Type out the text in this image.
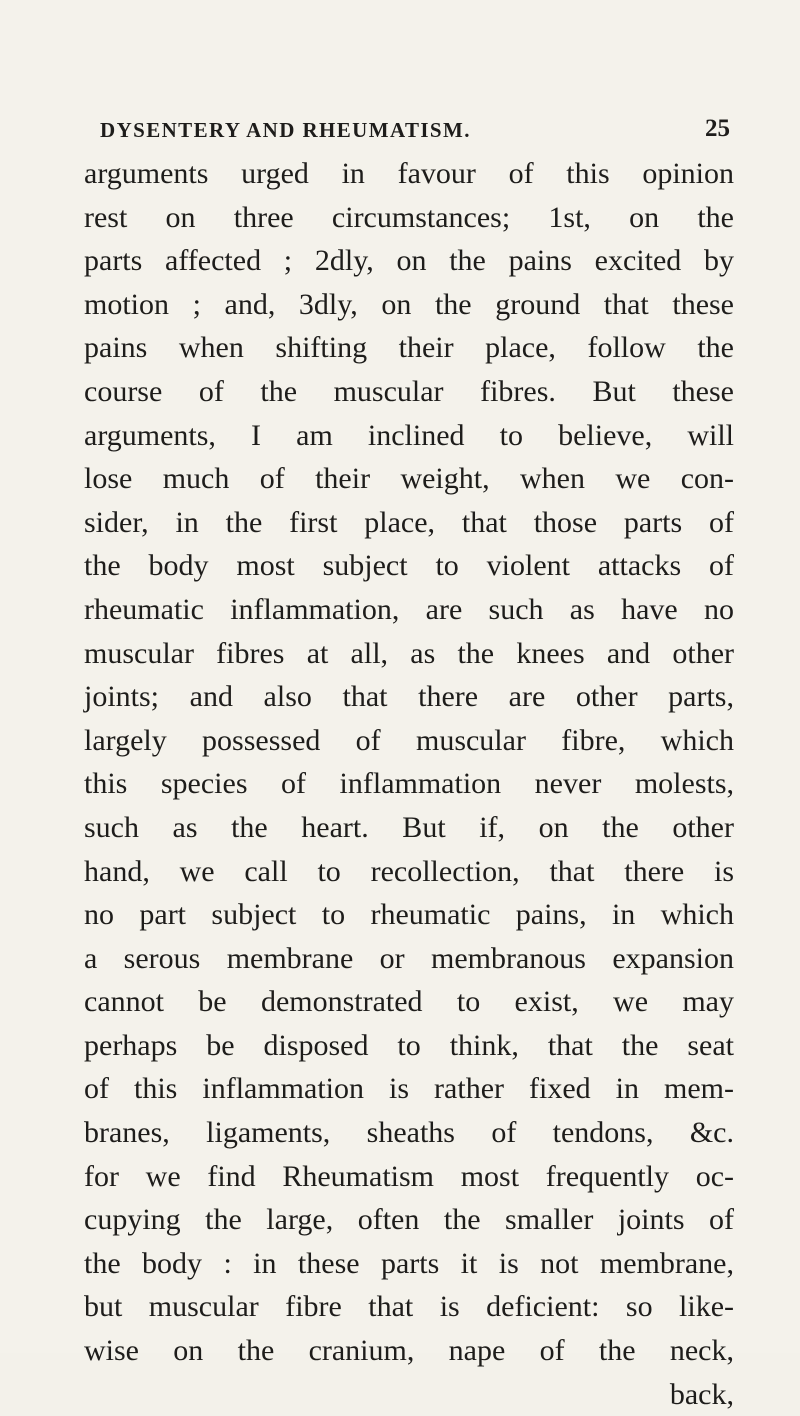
DYSENTERY AND RHEUMATISM.	25
arguments urged in favour of this opinion
rest on three circumstances; 1st, on the
parts affected ; 2dly, on the pains excited by
motion ; and, 3dly, on the ground that these
pains when shifting their place, follow the
course of the muscular fibres. But these
arguments, I am inclined to believe, will
lose much of their weight, when we con-
sider, in the first place, that those parts of
the body most subject to violent attacks of
rheumatic inflammation, are such as have no
muscular fibres at all, as the knees and other
joints; and also that there are other parts,
largely possessed of muscular fibre, which
this species of inflammation never molests,
such as the heart. But if, on the other
hand, we call to recollection, that there is
no part subject to rheumatic pains, in which
a serous membrane or membranous expansion
cannot be demonstrated to exist, we may
perhaps be disposed to think, that the seat
of this inflammation is rather fixed in mem-
branes, ligaments, sheaths of tendons, &c.
for we find Rheumatism most frequently oc-
cupying the large, often the smaller joints of
the body : in these parts it is not membrane,
but muscular fibre that is deficient: so like-
wise on the cranium, nape of the neck,
back,
